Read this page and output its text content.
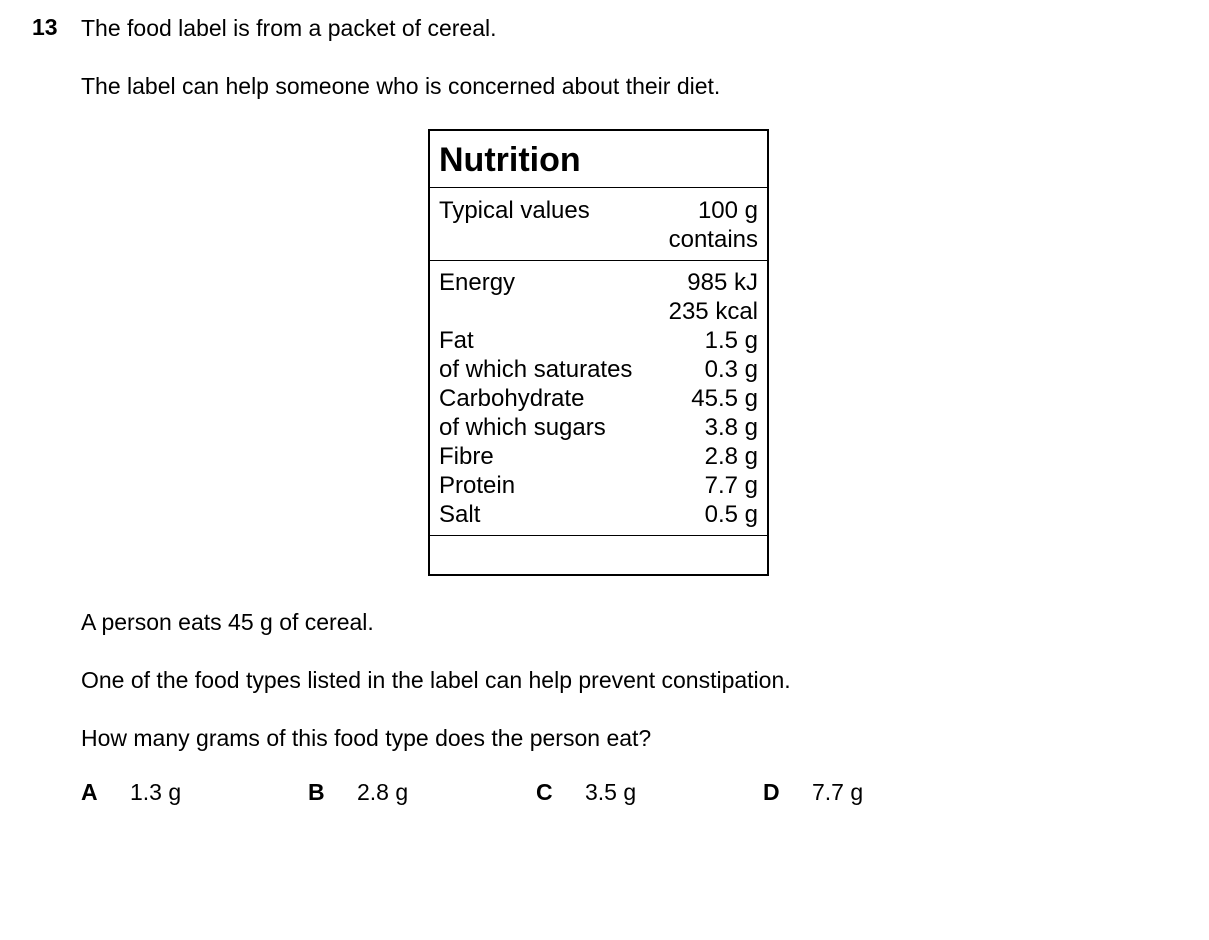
13 The food label is from a packet of cereal.
The label can help someone who is concerned about their diet.
Nutrition
Typical values	100 g
contains
Energy	985 kJ
235 kcal
Fat	1.5 g
of which saturates	0.3 g
Carbohydrate	45.5 g
of which sugars	3.8 g
Fibre	2.8 g
Protein	7.7 g
Salt	0.5 g
A person eats 45 g of cereal.
One of the food types listed in the label can help prevent constipation.
How many grams of this food type does the person eat?
A 1.3 g	B 2.8 g	C 3.5 g	D 7.7 g
